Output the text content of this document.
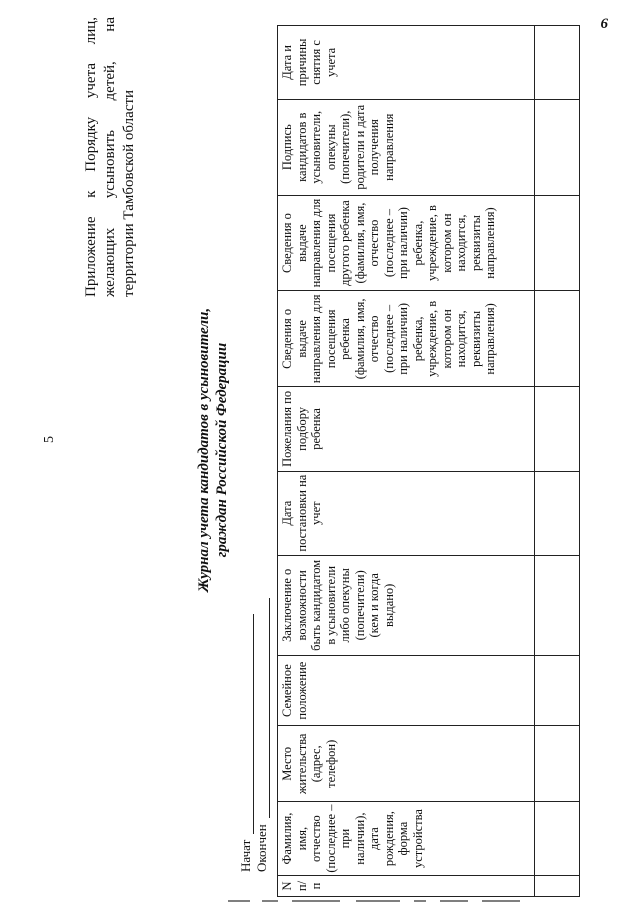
6
5
Приложение к Порядку учета лиц, желающих усыновить детей, на территории Тамбовской области
Журнал учета кандидатов в усыновители, граждан Российской Федерации
Начат Окончен
N п/п	Фамилия, имя, отчество (последнее – при наличии), дата рождения, форма устройства	Место жительства (адрес, телефон)	Семейное положение	Заключение о возможности быть кандидатом в усыновители либо опекуны (попечители) (кем и когда выдано)	Дата постановки на учет	Пожелания по подбору ребенка	Сведения о выдаче направления для посещения ребенка (фамилия, имя, отчество (последнее – при наличии) ребенка, учреждение, в котором он находится, реквизиты направления)	Сведения о выдаче направления для посещения другого ребенка (фамилия, имя, отчество (последнее – при наличии) ребенка, учреждение, в котором он находится, реквизиты направления)	Подпись кандидатов в усыновители, опекуны (попечители), родители и дата получения направления	Дата и причины снятия с учета
